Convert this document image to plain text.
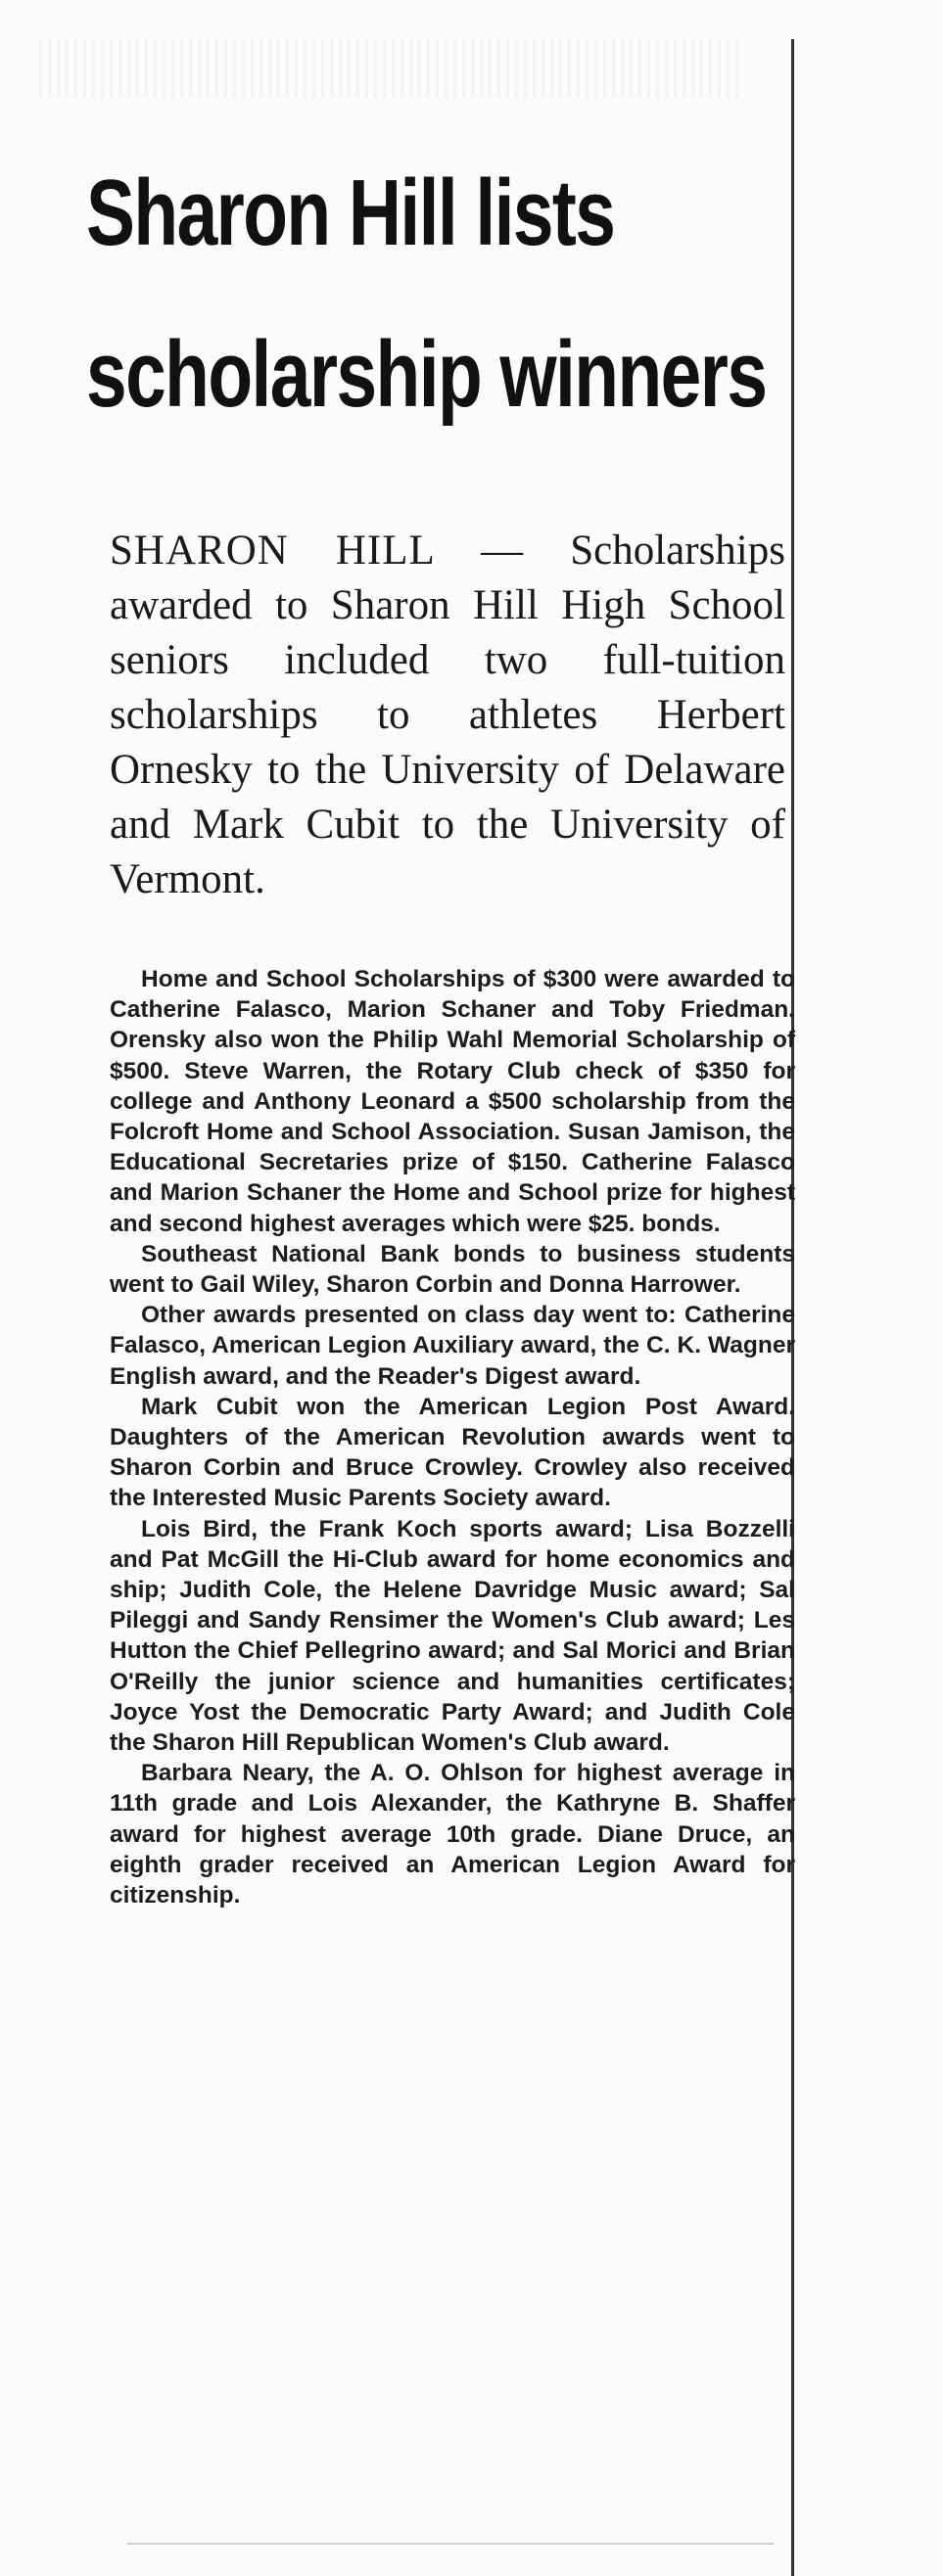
Sharon Hill lists
scholarship winners

SHARON HILL — Scholarships awarded to Sharon Hill High School seniors included two full-tuition scholarships to athletes Herbert Ornesky to the University of Delaware and Mark Cubit to the University of Vermont.

Home and School Scholarships of $300 were awarded to Catherine Falasco, Marion Schaner and Toby Friedman. Orensky also won the Philip Wahl Memorial Scholarship of $500. Steve Warren, the Rotary Club check of $350 for college and Anthony Leonard a $500 scholarship from the Folcroft Home and School Association. Susan Jamison, the Educational Secretaries prize of $150. Catherine Falasco and Marion Schaner the Home and School prize for highest and second highest averages which were $25. bonds.

Southeast National Bank bonds to business students went to Gail Wiley, Sharon Corbin and Donna Harrower.

Other awards presented on class day went to: Catherine Falasco, American Legion Auxiliary award, the C. K. Wagner English award, and the Reader's Digest award.

Mark Cubit won the American Legion Post Award. Daughters of the American Revolution awards went to Sharon Corbin and Bruce Crowley. Crowley also received the Interested Music Parents Society award.

Lois Bird, the Frank Koch sports award; Lisa Bozzelli and Pat McGill the Hi-Club award for home economics and ship; Judith Cole, the Helene Davridge Music award; Sal Pileggi and Sandy Rensimer the Women's Club award; Les Hutton the Chief Pellegrino award; and Sal Morici and Brian O'Reilly the junior science and humanities certificates; Joyce Yost the Democratic Party Award; and Judith Cole the Sharon Hill Republican Women's Club award.

Barbara Neary, the A. O. Ohlson for highest average in 11th grade and Lois Alexander, the Kathryne B. Shaffer award for highest average 10th grade. Diane Druce, an eighth grader received an American Legion Award for citizenship.
